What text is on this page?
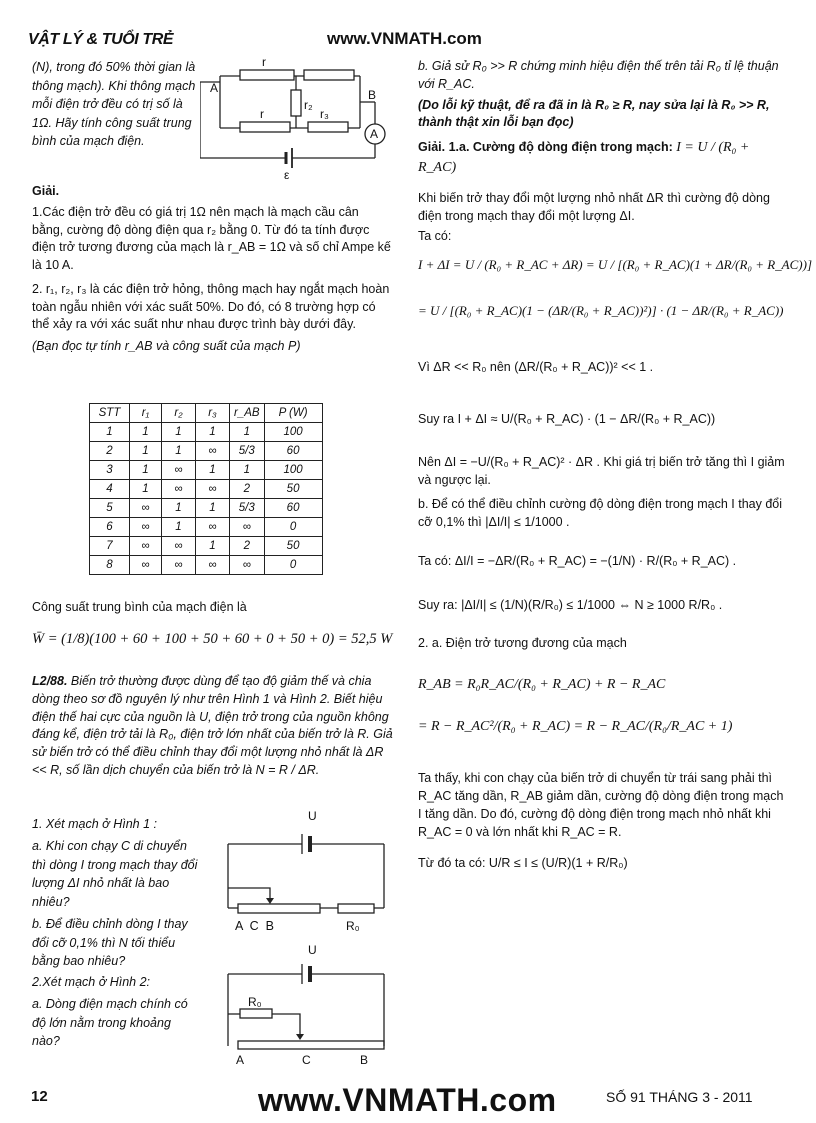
VẬT LÝ & TUỔI TRẺ	www.VNMATH.com

(N), trong đó 50% thời gian là thông mạch). Khi thông mạch mỗi điện trở đều có trị số là 1Ω. Hãy tính công suất trung bình của mạch điện.

A	B
r
r	r₃
r₂
A
ε

Giải.

1.Các điện trở đều có giá trị 1Ω nên mạch là mạch cầu cân bằng, cường độ dòng điện qua r₂ bằng 0. Từ đó ta tính được điện trở tương đương của mạch là r_AB = 1Ω và số chỉ Ampe kế là 10 A.

2. r₁, r₂, r₃ là các điện trở hỏng, thông mạch hay ngắt mạch hoàn toàn ngẫu nhiên với xác suất 50%. Do đó, có 8 trường hợp có thể xảy ra với xác suất như nhau được trình bày dưới đây.

(Bạn đọc tự tính r_AB và công suất của mạch P)

STT	r₁	r₂	r₃	r_AB	P (W)
1	1	1	1	1	100
2	1	1	∞	5/3	60
3	1	∞	1	1	100
4	1	∞	∞	2	50
5	∞	1	1	5/3	60
6	∞	1	∞	∞	0
7	∞	∞	1	2	50
8	∞	∞	∞	∞	0

Công suất trung bình của mạch điện là

W̄ = (1/8)(100 + 60 + 100 + 50 + 60 + 0 + 50 + 0) = 52,5 W

L2/88. Biến trở thường được dùng để tạo độ giảm thế và chia dòng theo sơ đồ nguyên lý như trên Hình 1 và Hình 2. Biết hiệu điện thế hai cực của nguồn là U, điện trở trong của nguồn không đáng kể, điện trở tải là R₀, điện trở lớn nhất của biến trở là R. Giả sử biến trở có thể điều chỉnh thay đổi một lượng nhỏ nhất là ΔR << R, số lần dịch chuyển của biến trở là N = R / ΔR.

1. Xét mạch ở Hình 1 :

a. Khi con chạy C di chuyển thì dòng I trong mạch thay đổi lượng ΔI nhỏ nhất là bao nhiêu?

b. Để điều chỉnh dòng I thay đổi cỡ 0,1% thì N tối thiểu bằng bao nhiêu?

2.Xét mạch ở Hình 2:

a. Dòng điện mạch chính có độ lớn nằm trong khoảng nào?

U
A  C  B	R₀
U
R₀
A	C	B

b. Giả sử R₀ >> R chứng minh hiệu điện thế trên tải R₀ tỉ lệ thuận với R_AC.

(Do lỗi kỹ thuật, để ra đã in là R₀ ≥ R, nay sửa lại là R₀ >> R, thành thật xin lỗi bạn đọc)

Giải. 1.a. Cường độ dòng điện trong mạch: I = U / (R₀ + R_AC)

Khi biến trở thay đổi một lượng nhỏ nhất ΔR thì cường độ dòng điện trong mạch thay đổi một lượng ΔI.

Ta có:

I + ΔI = U / (R₀ + R_AC + ΔR) = U / [(R₀ + R_AC)(1 + ΔR/(R₀ + R_AC))]

= U / [(R₀ + R_AC)(1 − (ΔR/(R₀ + R_AC))²)] · (1 − ΔR/(R₀ + R_AC))

Vì ΔR << R₀ nên (ΔR/(R₀ + R_AC))² << 1 .

Suy ra I + ΔI ≈ U/(R₀ + R_AC) · (1 − ΔR/(R₀ + R_AC))

Nên ΔI = −U/(R₀ + R_AC)² · ΔR . Khi giá trị biến trở tăng thì I giảm và ngược lại.

b. Để có thể điều chỉnh cường độ dòng điện trong mạch I thay đổi cỡ 0,1% thì |ΔI/I| ≤ 1/1000 .

Ta có: ΔI/I = −ΔR/(R₀ + R_AC) = −(1/N) · R/(R₀ + R_AC) .

Suy ra: |ΔI/I| ≤ (1/N)(R/R₀) ≤ 1/1000 ⇔ N ≥ 1000 R/R₀ .

2. a. Điện trở tương đương của mạch

R_AB = R₀R_AC/(R₀ + R_AC) + R − R_AC

= R − R_AC²/(R₀ + R_AC) = R − R_AC/(R₀/R_AC + 1)

Ta thấy, khi con chạy của biến trở di chuyển từ trái sang phải thì R_AC tăng dần, R_AB giảm dần, cường độ dòng điện trong mạch I tăng dần. Do đó, cường độ dòng điện trong mạch nhỏ nhất khi R_AC = 0 và lớn nhất khi R_AC = R.

Từ đó ta có: U/R ≤ I ≤ (U/R)(1 + R/R₀)

12	www.VNMATH.com	SỐ 91 THÁNG 3 - 2011
